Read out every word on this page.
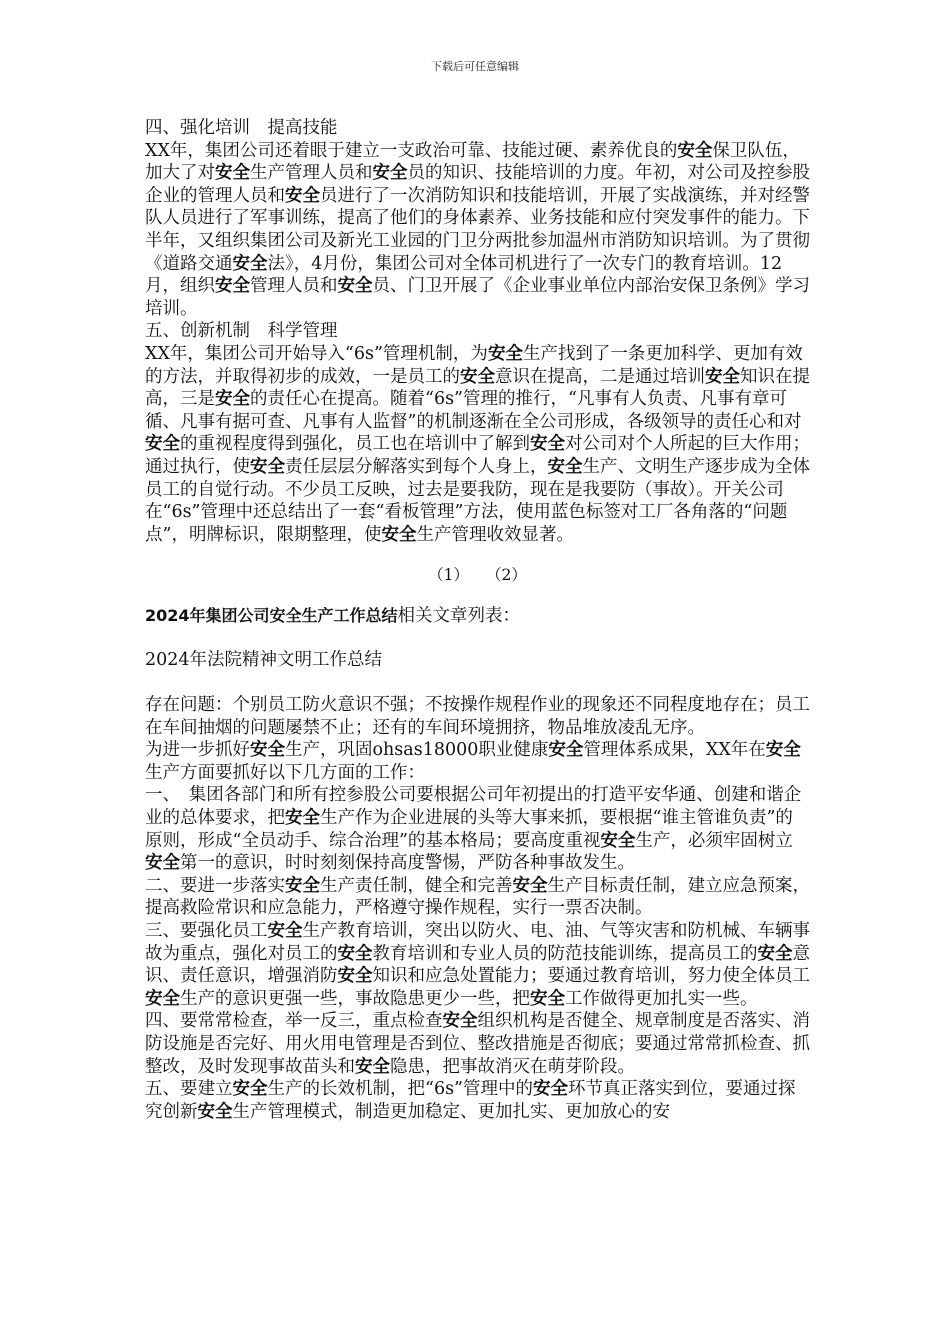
下载后可任意编辑

四、强化培训　提高技能

XX年，集团公司还着眼于建立一支政治可靠、技能过硬、素养优良的安全保卫队伍，加大了对安全生产管理人员和安全员的知识、技能培训的力度。年初，对公司及控参股企业的管理人员和安全员进行了一次消防知识和技能培训，开展了实战演练，并对经警队人员进行了军事训练，提高了他们的身体素养、业务技能和应付突发事件的能力。下半年，又组织集团公司及新光工业园的门卫分两批参加温州市消防知识培训。为了贯彻《道路交通安全法》，4月份，集团公司对全体司机进行了一次专门的教育培训。12月，组织安全管理人员和安全员、门卫开展了《企业事业单位内部治安保卫条例》学习培训。

五、创新机制　科学管理

XX年，集团公司开始导入“6s”管理机制，为安全生产找到了一条更加科学、更加有效的方法，并取得初步的成效，一是员工的安全意识在提高，二是通过培训安全知识在提高，三是安全的责任心在提高。随着“6s”管理的推行，“凡事有人负责、凡事有章可循、凡事有据可查、凡事有人监督”的机制逐渐在全公司形成，各级领导的责任心和对安全的重视程度得到强化，员工也在培训中了解到安全对公司对个人所起的巨大作用；通过执行，使安全责任层层分解落实到每个人身上，安全生产、文明生产逐步成为全体员工的自觉行动。不少员工反映，过去是要我防，现在是我要防（事故）。开关公司在“6s”管理中还总结出了一套“看板管理”方法，使用蓝色标签对工厂各角落的“问题点”，明牌标识，限期整理，使安全生产管理收效显著。

（1） （2）

2024年集团公司安全生产工作总结相关文章列表：

2024年法院精神文明工作总结

存在问题：个别员工防火意识不强；不按操作规程作业的现象还不同程度地存在；员工在车间抽烟的问题屡禁不止；还有的车间环境拥挤，物品堆放凌乱无序。

为进一步抓好安全生产，巩固ohsas18000职业健康安全管理体系成果，XX年在安全生产方面要抓好以下几方面的工作：

一、　集团各部门和所有控参股公司要根据公司年初提出的打造平安华通、创建和谐企业的总体要求，把安全生产作为企业进展的头等大事来抓，要根据“谁主管谁负责”的原则，形成“全员动手、综合治理”的基本格局；要高度重视安全生产，必须牢固树立安全第一的意识，时时刻刻保持高度警惕，严防各种事故发生。

二、要进一步落实安全生产责任制，健全和完善安全生产目标责任制，建立应急预案，提高救险常识和应急能力，严格遵守操作规程，实行一票否决制。

三、要强化员工安全生产教育培训，突出以防火、电、油、气等灾害和防机械、车辆事故为重点，强化对员工的安全教育培训和专业人员的防范技能训练，提高员工的安全意识、责任意识，增强消防安全知识和应急处置能力；要通过教育培训，努力使全体员工安全生产的意识更强一些，事故隐患更少一些，把安全工作做得更加扎实一些。

四、要常常检查，举一反三，重点检查安全组织机构是否健全、规章制度是否落实、消防设施是否完好、用火用电管理是否到位、整改措施是否彻底；要通过常常抓检查、抓整改，及时发现事故苗头和安全隐患，把事故消灭在萌芽阶段。

五、要建立安全生产的长效机制，把“6s”管理中的安全环节真正落实到位，要通过探究创新安全生产管理模式，制造更加稳定、更加扎实、更加放心的安
